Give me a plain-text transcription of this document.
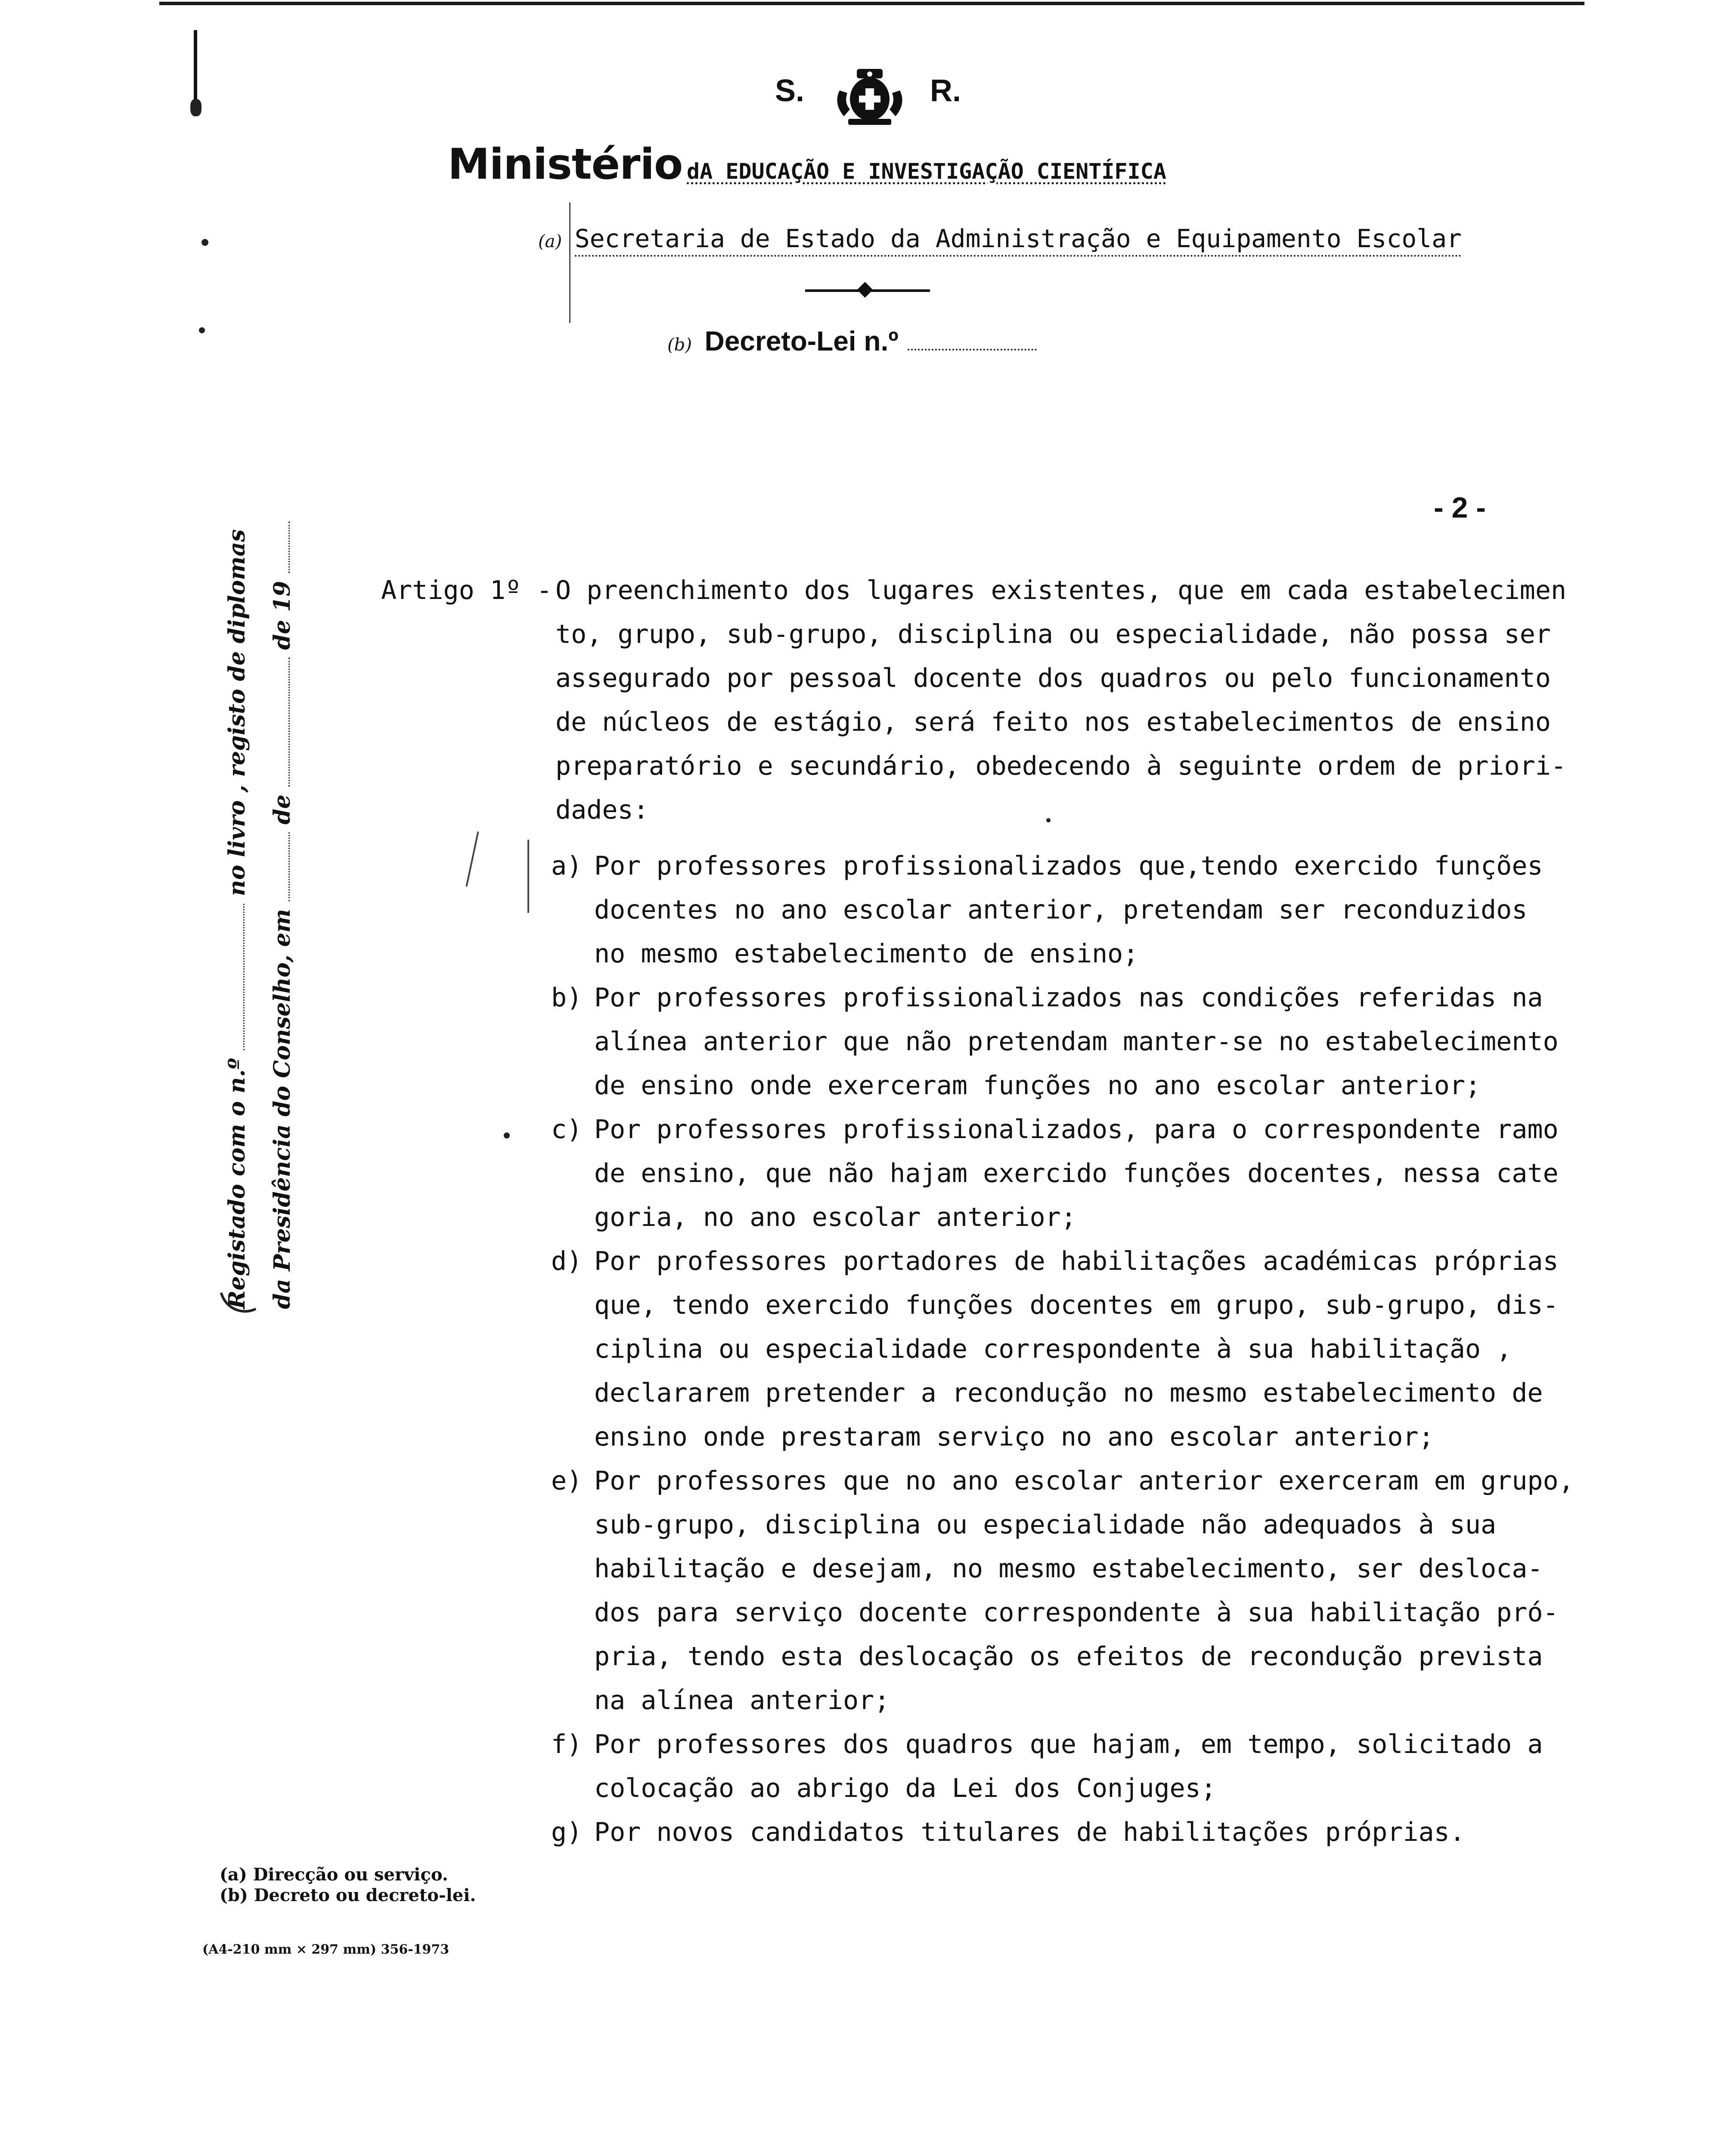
S.	R.
Ministério dA EDUCAÇÃO E INVESTIGAÇÃO CIENTÍFICA
(a) Secretaria de Estado da Administração e Equipamento Escolar
(b) Decreto-Lei n.º
- 2 -
Artigo 1º - O preenchimento dos lugares existentes, que em cada estabelecimen
to, grupo, sub-grupo, disciplina ou especialidade, não possa ser
assegurado por pessoal docente dos quadros ou pelo funcionamento
de núcleos de estágio, será feito nos estabelecimentos de ensino
preparatório e secundário, obedecendo à seguinte ordem de priori-
dades:
a) Por professores profissionalizados que,tendo exercido funções
docentes no ano escolar anterior, pretendam ser reconduzidos
no mesmo estabelecimento de ensino;
b) Por professores profissionalizados nas condições referidas na
alínea anterior que não pretendam manter-se no estabelecimento
de ensino onde exerceram funções no ano escolar anterior;
c) Por professores profissionalizados, para o correspondente ramo
de ensino, que não hajam exercido funções docentes, nessa cate
goria, no ano escolar anterior;
d) Por professores portadores de habilitações académicas próprias
que, tendo exercido funções docentes em grupo, sub-grupo, dis-
ciplina ou especialidade correspondente à sua habilitação ,
declararem pretender a recondução no mesmo estabelecimento de
ensino onde prestaram serviço no ano escolar anterior;
e) Por professores que no ano escolar anterior exerceram em grupo,
sub-grupo, disciplina ou especialidade não adequados à sua
habilitação e desejam, no mesmo estabelecimento, ser desloca-
dos para serviço docente correspondente à sua habilitação pró-
pria, tendo esta deslocação os efeitos de recondução prevista
na alínea anterior;
f) Por professores dos quadros que hajam, em tempo, solicitado a
colocação ao abrigo da Lei dos Conjuges;
g) Por novos candidatos titulares de habilitações próprias.
Registado com o n.º  no livro , registo de diplomas
da Presidência do Conselho, em  de  de 19
(a) Direcção ou serviço.
(b) Decreto ou decreto-lei.
(A4-210 mm × 297 mm) 356-1973
